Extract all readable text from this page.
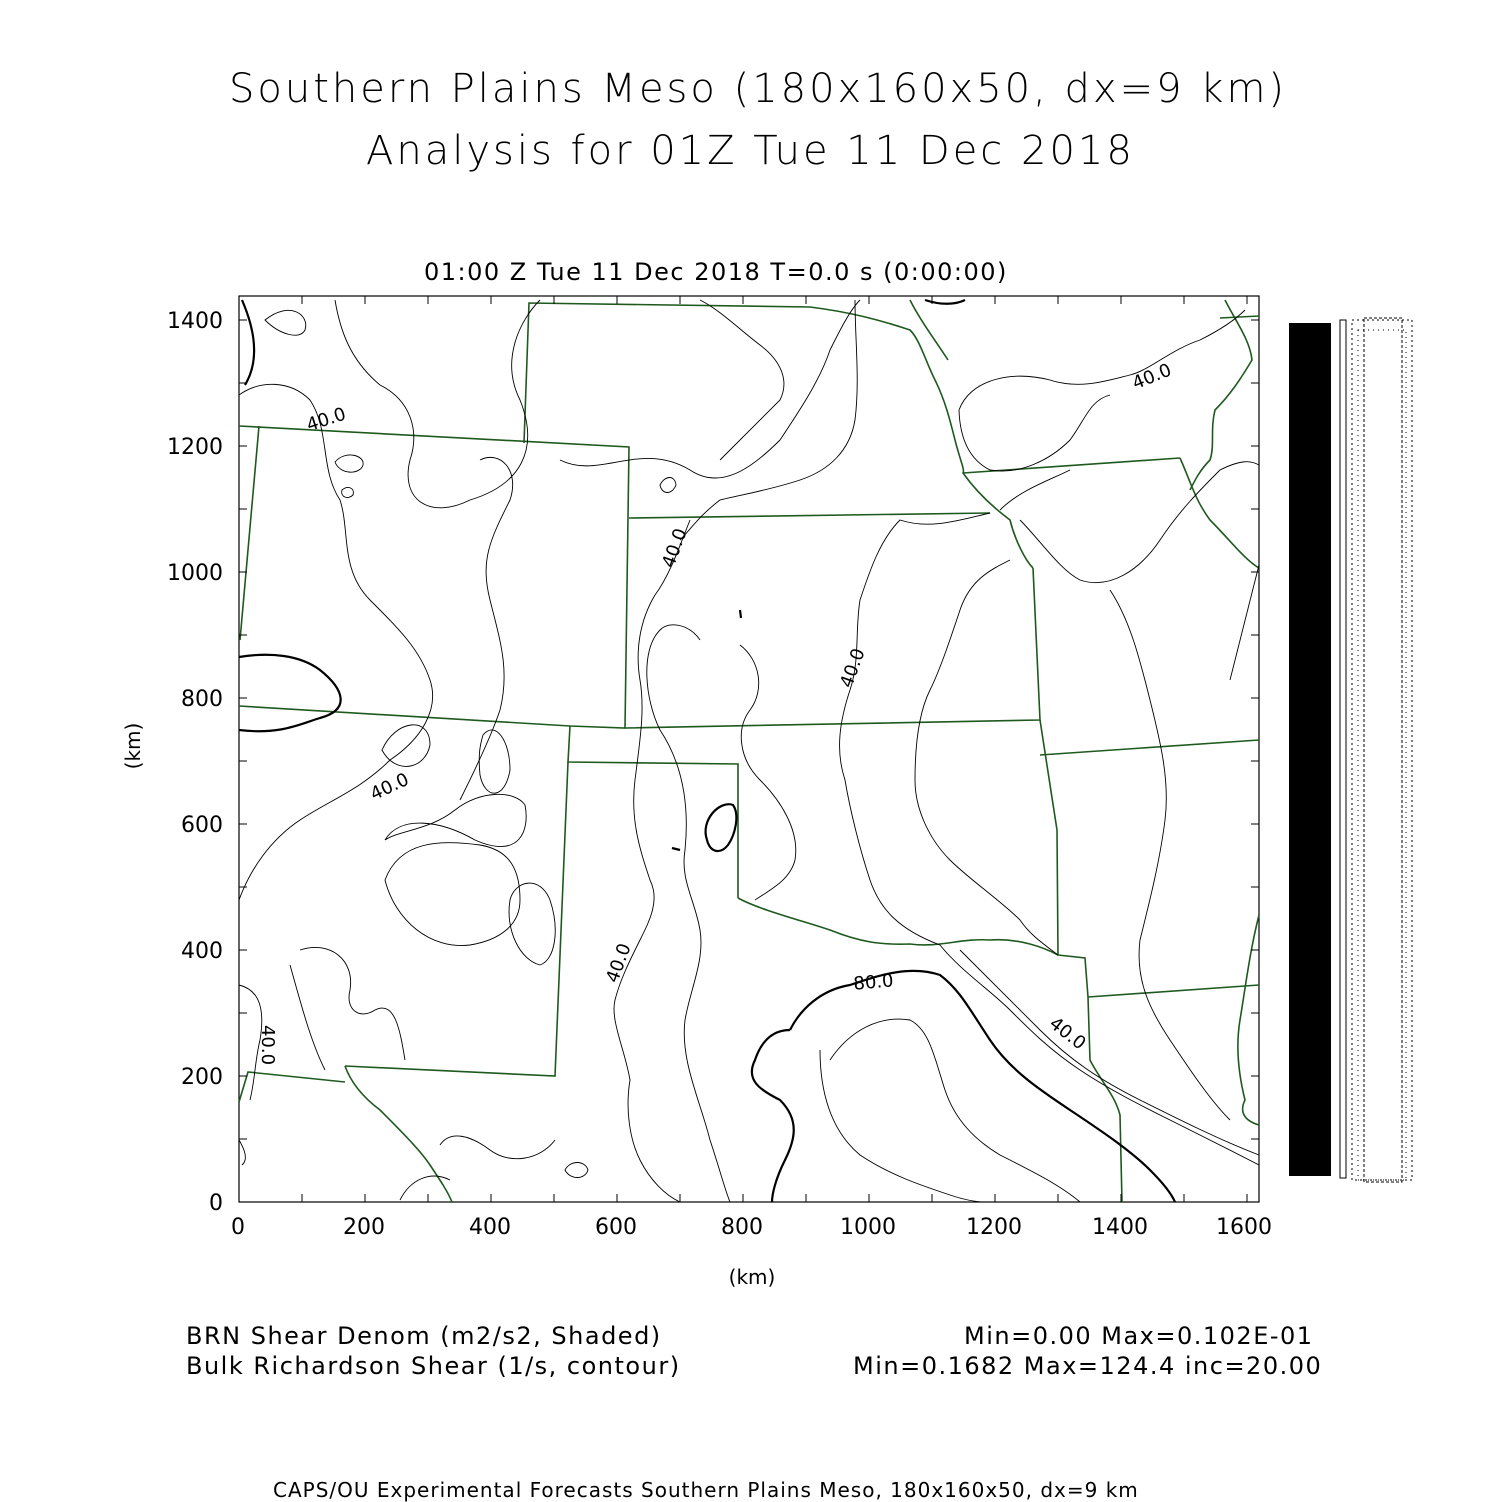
Southern Plains Meso (180x160x50, dx=9 km)
Analysis for 01Z Tue 11 Dec 2018
01:00 Z Tue 11 Dec 2018 T=0.0 s (0:00:00)
0	200	400	600	800	1000	1200	1400	1600
0
200
400
600
800
1000
1200
1400
(km)
(km)
40.0
40.0
40.0
40.0
40.0
40.0
40.0
40.0
80.0
BRN Shear Denom (m2/s2, Shaded)	Min=0.00 Max=0.102E-01
Bulk Richardson Shear (1/s, contour)	Min=0.1682 Max=124.4 inc=20.00
CAPS/OU Experimental Forecasts Southern Plains Meso, 180x160x50, dx=9 km
